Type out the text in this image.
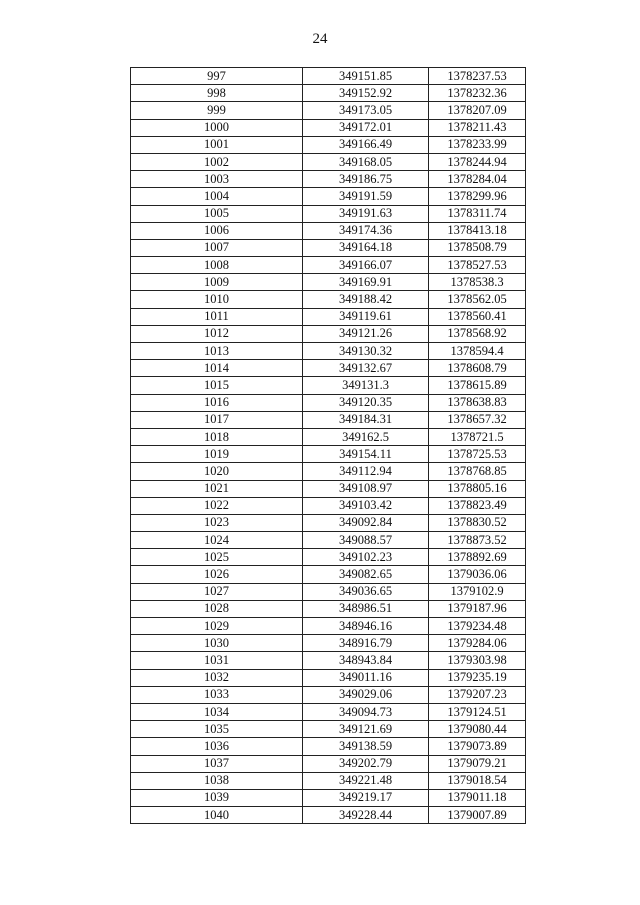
24
997	349151.85	1378237.53
998	349152.92	1378232.36
999	349173.05	1378207.09
1000	349172.01	1378211.43
1001	349166.49	1378233.99
1002	349168.05	1378244.94
1003	349186.75	1378284.04
1004	349191.59	1378299.96
1005	349191.63	1378311.74
1006	349174.36	1378413.18
1007	349164.18	1378508.79
1008	349166.07	1378527.53
1009	349169.91	1378538.3
1010	349188.42	1378562.05
1011	349119.61	1378560.41
1012	349121.26	1378568.92
1013	349130.32	1378594.4
1014	349132.67	1378608.79
1015	349131.3	1378615.89
1016	349120.35	1378638.83
1017	349184.31	1378657.32
1018	349162.5	1378721.5
1019	349154.11	1378725.53
1020	349112.94	1378768.85
1021	349108.97	1378805.16
1022	349103.42	1378823.49
1023	349092.84	1378830.52
1024	349088.57	1378873.52
1025	349102.23	1378892.69
1026	349082.65	1379036.06
1027	349036.65	1379102.9
1028	348986.51	1379187.96
1029	348946.16	1379234.48
1030	348916.79	1379284.06
1031	348943.84	1379303.98
1032	349011.16	1379235.19
1033	349029.06	1379207.23
1034	349094.73	1379124.51
1035	349121.69	1379080.44
1036	349138.59	1379073.89
1037	349202.79	1379079.21
1038	349221.48	1379018.54
1039	349219.17	1379011.18
1040	349228.44	1379007.89
